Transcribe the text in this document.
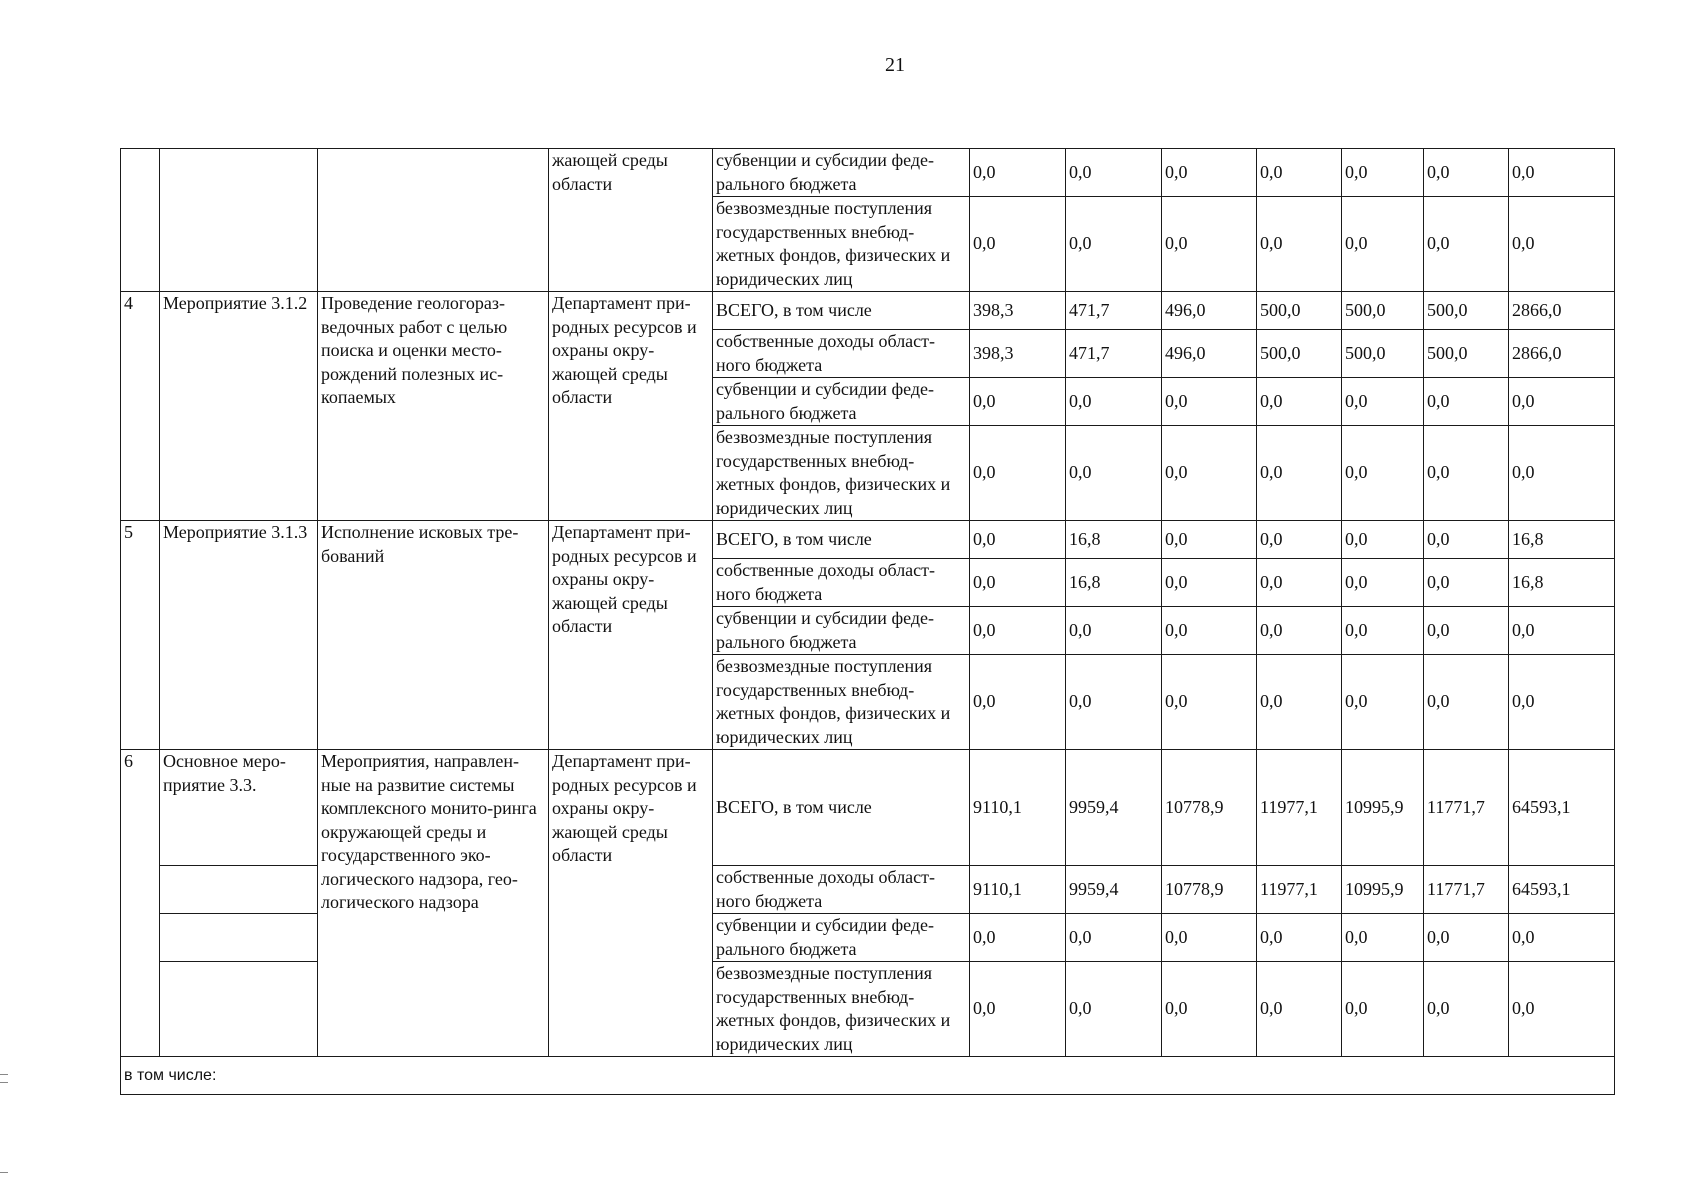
21
			жающей среды области	субвенции и субсидии феде-ральнoго бюджета	0,0	0,0	0,0	0,0	0,0	0,0	0,0
				безвозмездные поступления государственных внебюд-жетных фондов, физических и юридических лиц	0,0	0,0	0,0	0,0	0,0	0,0	0,0
4	Мероприятие 3.1.2	Проведение геологораз-ведочных работ с целью поиска и оценки место-рождений полезных ис-копаемых	Департамент при-родных ресурсов и охраны окру-жающей среды области	ВСЕГО, в том числе	398,3	471,7	496,0	500,0	500,0	500,0	2866,0
				собственные доходы област-ного бюджета	398,3	471,7	496,0	500,0	500,0	500,0	2866,0
				субвенции и субсидии феде-рального бюджета	0,0	0,0	0,0	0,0	0,0	0,0	0,0
				безвозмездные поступления государственных внебюд-жетных фондов, физических и юридических лиц	0,0	0,0	0,0	0,0	0,0	0,0	0,0
5	Мероприятие 3.1.3	Исполнение исковых тре-бований	Департамент при-родных ресурсов и охраны окру-жающей среды области	ВСЕГО, в том числе	0,0	16,8	0,0	0,0	0,0	0,0	16,8
				собственные доходы област-ного бюджета	0,0	16,8	0,0	0,0	0,0	0,0	16,8
				субвенции и субсидии феде-рального бюджета	0,0	0,0	0,0	0,0	0,0	0,0	0,0
				безвозмездные поступления государственных внебюд-жетных фондов, физических и юридических лиц	0,0	0,0	0,0	0,0	0,0	0,0	0,0
6	Основное меро-приятие 3.3.	Мероприятия, направлен-ные на развитие системы комплексного монито-ринга окружающей среды и государственного эко-логического надзора, гео-логического надзора	Департамент при-родных ресурсов и охраны окру-жающей среды области	ВСЕГО, в том числе	9110,1	9959,4	10778,9	11977,1	10995,9	11771,7	64593,1
				собственные доходы област-ного бюджета	9110,1	9959,4	10778,9	11977,1	10995,9	11771,7	64593,1
				субвенции и субсидии феде-рального бюджета	0,0	0,0	0,0	0,0	0,0	0,0	0,0
				безвозмездные поступления государственных внебюд-жетных фондов, физических и юридических лиц	0,0	0,0	0,0	0,0	0,0	0,0	0,0
в том числе:											
